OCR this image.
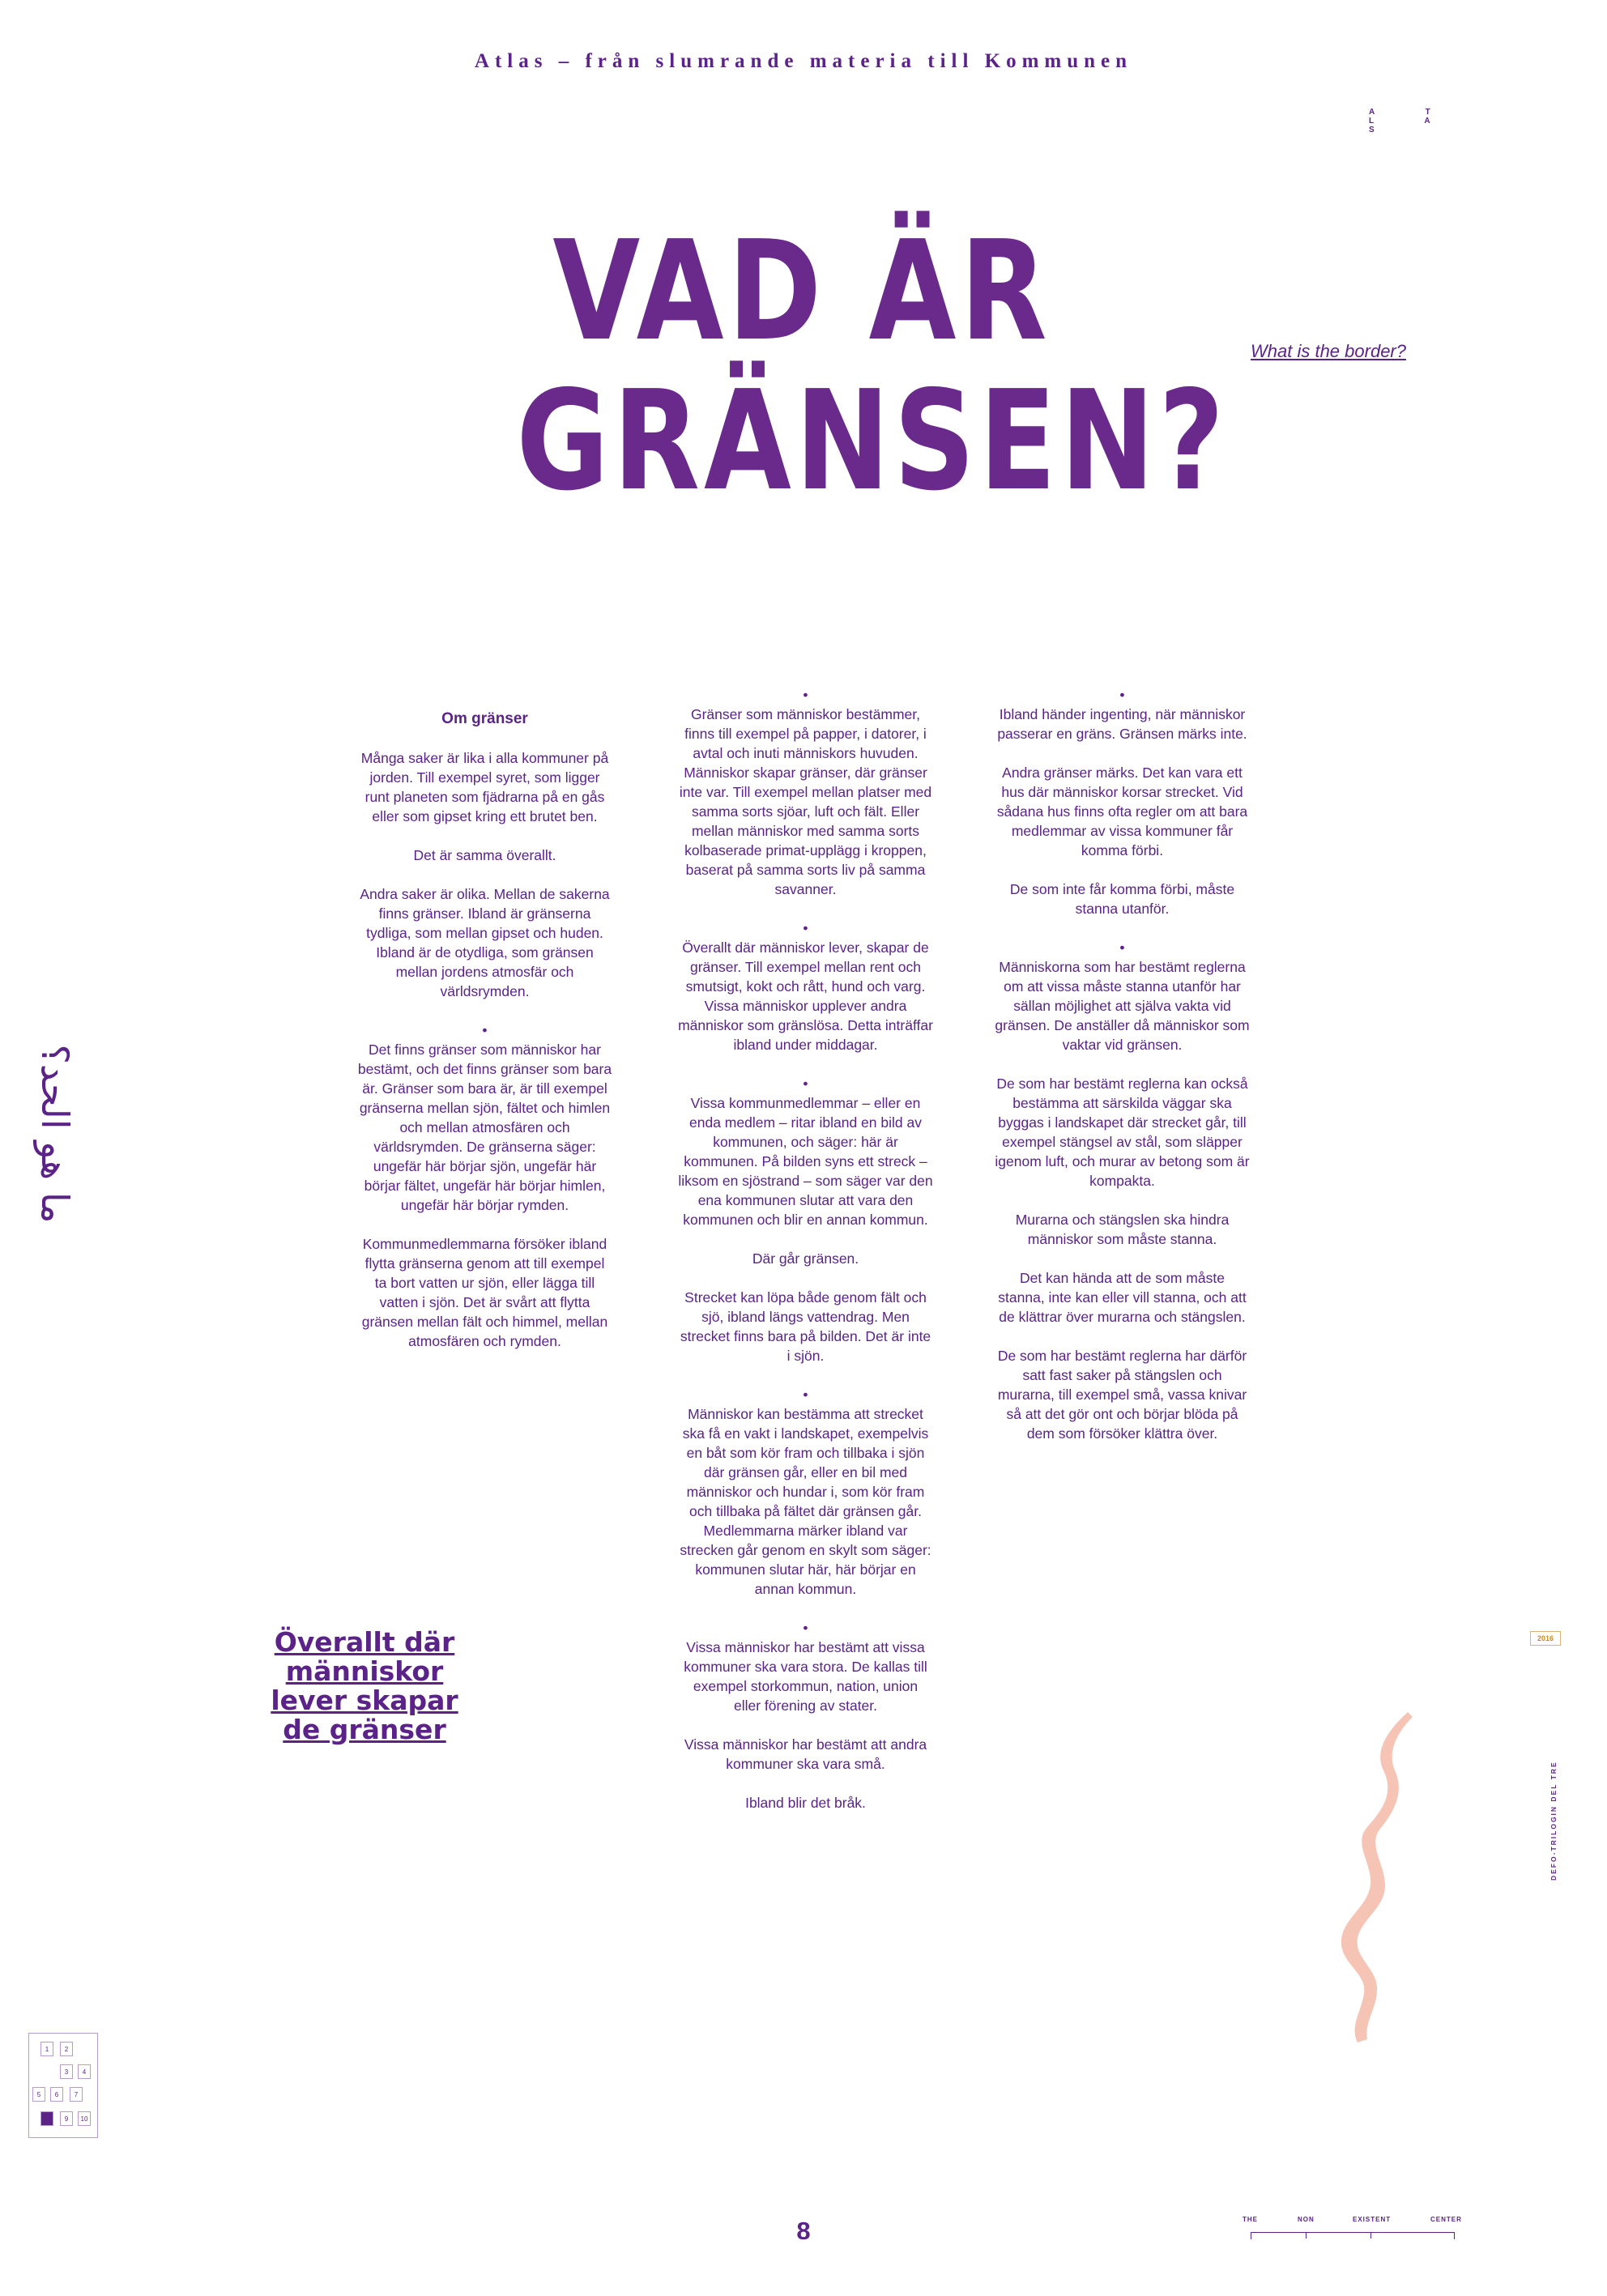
Atlas – från slumrande materia till Kommunen
A T L A S
VAD ÄR
GRÄNSEN?
What is the border?
ما هو الحد؟

Om gränser

Många saker är lika i alla kommuner på jorden. Till exempel syret, som ligger runt planeten som fjädrarna på en gås eller som gipset kring ett brutet ben.

Det är samma överallt.

Andra saker är olika. Mellan de sakerna finns gränser. Ibland är gränserna tydliga, som mellan gipset och huden. Ibland är de otydliga, som gränsen mellan jordens atmosfär och världsrymden.

•

Det finns gränser som människor har bestämt, och det finns gränser som bara är. Gränser som bara är, är till exempel gränserna mellan sjön, fältet och himlen och mellan atmosfären och världsrymden. De gränserna säger: ungefär här börjar sjön, ungefär här börjar fältet, ungefär här börjar himlen, ungefär här börjar rymden.

Kommunmedlemmarna försöker ibland flytta gränserna genom att till exempel ta bort vatten ur sjön, eller lägga till vatten i sjön. Det är svårt att flytta gränsen mellan fält och himmel, mellan atmosfären och rymden.

•

Gränser som människor bestämmer, finns till exempel på papper, i datorer, i avtal och inuti människors huvuden. Människor skapar gränser, där gränser inte var. Till exempel mellan platser med samma sorts sjöar, luft och fält. Eller mellan människor med samma sorts kolbaserade primat-upplägg i kroppen, baserat på samma sorts liv på samma savanner.

•

Överallt där människor lever, skapar de gränser. Till exempel mellan rent och smutsigt, kokt och rått, hund och varg. Vissa människor upplever andra människor som gränslösa. Detta inträffar ibland under middagar.

•

Vissa kommunmedlemmar – eller en enda medlem – ritar ibland en bild av kommunen, och säger: här är kommunen. På bilden syns ett streck – liksom en sjöstrand – som säger var den ena kommunen slutar att vara den kommunen och blir en annan kommun.

Där går gränsen.

Strecket kan löpa både genom fält och sjö, ibland längs vattendrag. Men strecket finns bara på bilden. Det är inte i sjön.

•

Människor kan bestämma att strecket ska få en vakt i landskapet, exempelvis en båt som kör fram och tillbaka i sjön där gränsen går, eller en bil med människor och hundar i, som kör fram och tillbaka på fältet där gränsen går. Medlemmarna märker ibland var strecken går genom en skylt som säger: kommunen slutar här, här börjar en annan kommun.

•

Vissa människor har bestämt att vissa kommuner ska vara stora. De kallas till exempel storkommun, nation, union eller förening av stater.

Vissa människor har bestämt att andra kommuner ska vara små.

Ibland blir det bråk.

•

Ibland händer ingenting, när människor passerar en gräns. Gränsen märks inte.

Andra gränser märks. Det kan vara ett hus där människor korsar strecket. Vid sådana hus finns ofta regler om att bara medlemmar av vissa kommuner får komma förbi.

De som inte får komma förbi, måste stanna utanför.

•

Människorna som har bestämt reglerna om att vissa måste stanna utanför har sällan möjlighet att själva vakta vid gränsen. De anställer då människor som vaktar vid gränsen.

De som har bestämt reglerna kan också bestämma att särskilda väggar ska byggas i landskapet där strecket går, till exempel stängsel av stål, som släpper igenom luft, och murar av betong som är kompakta.

Murarna och stängslen ska hindra människor som måste stanna.

Det kan hända att de som måste stanna, inte kan eller vill stanna, och att de klättrar över murarna och stängslen.

De som har bestämt reglerna har därför satt fast saker på stängslen och murarna, till exempel små, vassa knivar så att det gör ont och börjar blöda på dem som försöker klättra över.

Överallt där människor lever skapar de gränser
2016
DEFO-TRILOGIN DEL TRE
8
1	2
3	4
5	6	7
8	9	10
THE	NON	EXISTENT	CENTER
